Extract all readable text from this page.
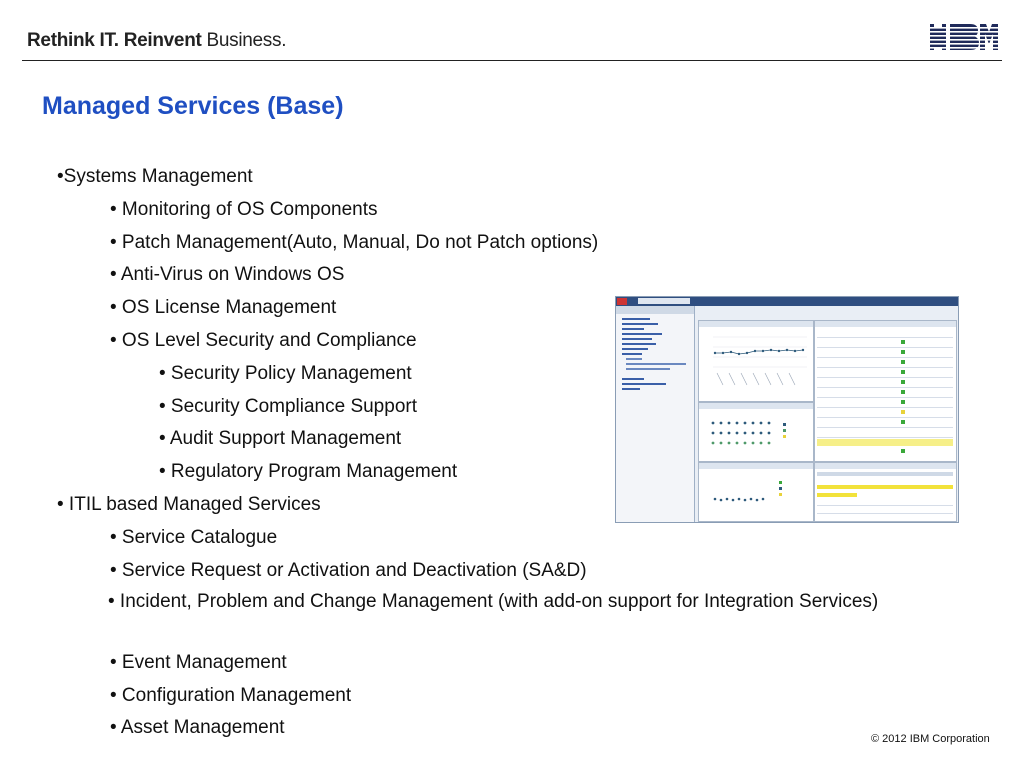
Rethink IT. Reinvent Business.
Managed Services (Base)
•Systems Management
• Monitoring of OS Components
• Patch Management(Auto, Manual, Do not Patch options)
• Anti-Virus on Windows OS
• OS License Management
• OS Level Security and Compliance
• Security Policy Management
• Security Compliance Support
• Audit Support Management
• Regulatory Program Management
• ITIL based Managed Services
• Service Catalogue
• Service Request or Activation and Deactivation (SA&D)
• Incident, Problem and Change Management (with add-on support for Integration Services)
• Event Management
• Configuration Management
• Asset Management
© 2012 IBM Corporation
